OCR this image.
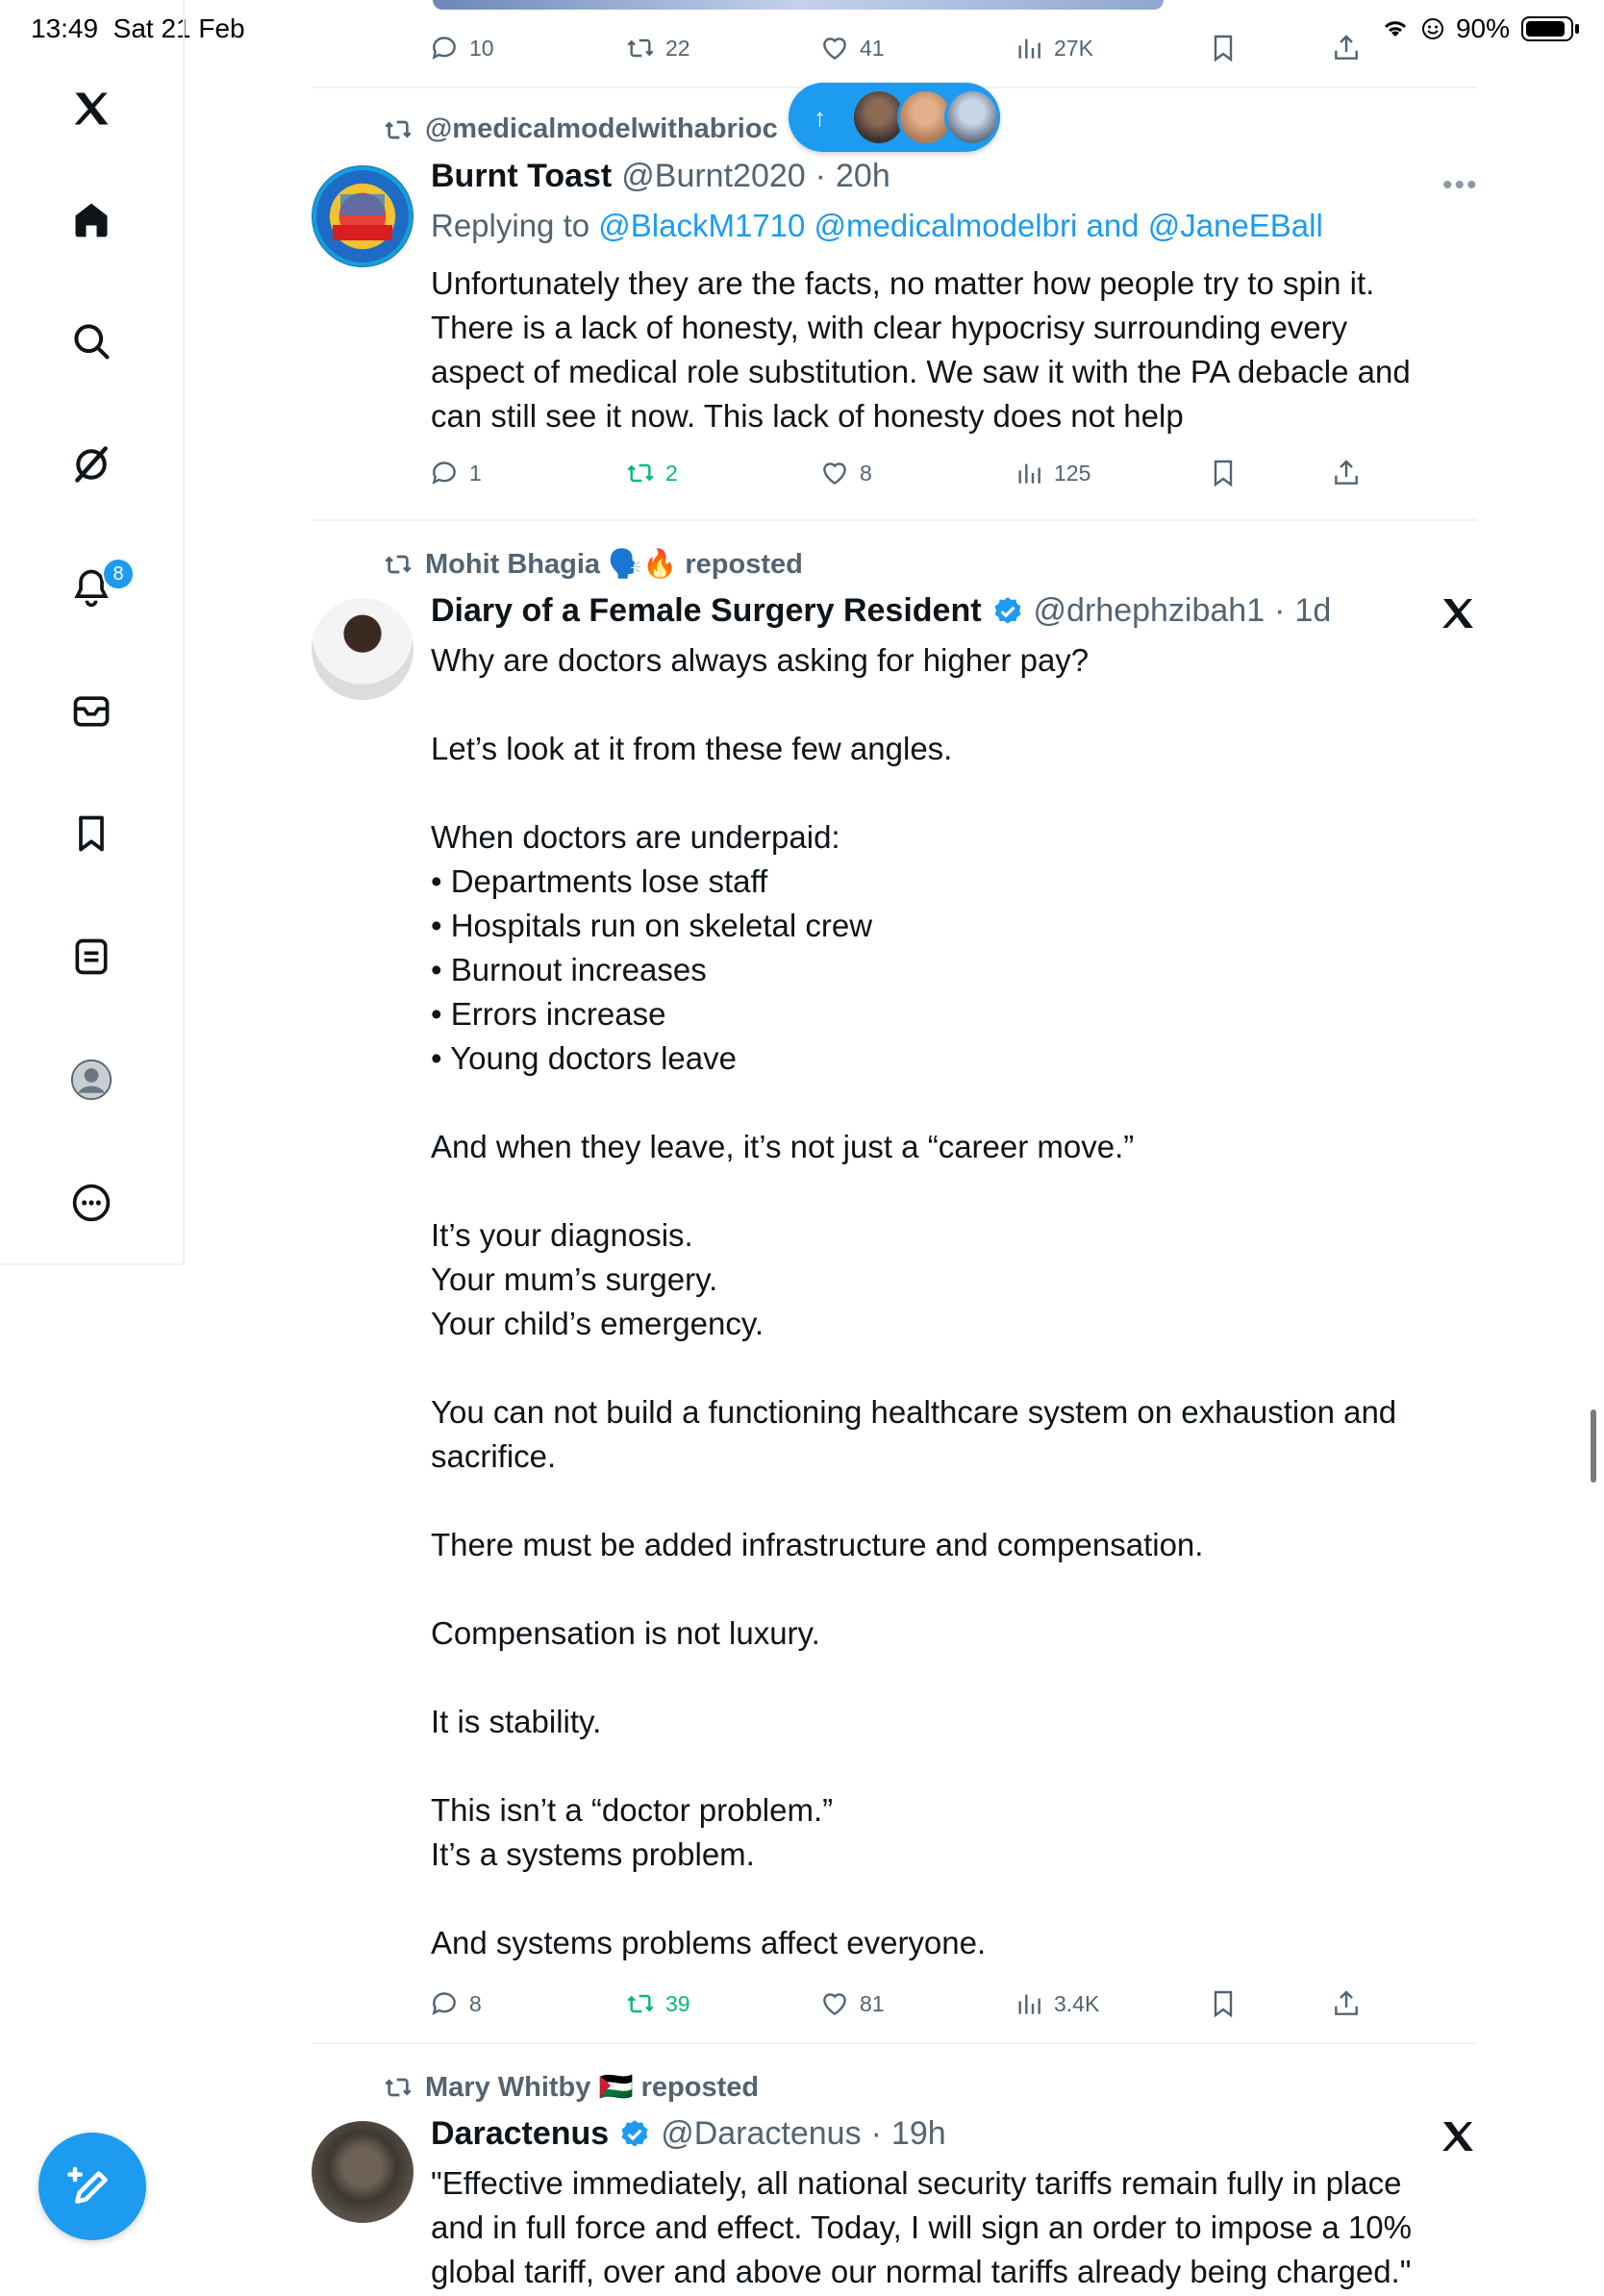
13:49 Sat 21 Feb	90%
8
10	22	41	27K
@medicalmodelwithabrioc ↑
Burnt Toast @Burnt2020 · 20h	•••
Replying to @BlackM1710 @medicalmodelbri and @JaneEBall
Unfortunately they are the facts, no matter how people try to spin it.
There is a lack of honesty, with clear hypocrisy surrounding every
aspect of medical role substitution. We saw it with the PA debacle and
can still see it now. This lack of honesty does not help
1	2	8	125
Mohit Bhagia 🗣️🔥 reposted
Diary of a Female Surgery Resident @drhephzibah1 · 1d
Why are doctors always asking for higher pay?

Let’s look at it from these few angles.

When doctors are underpaid:
• Departments lose staff
• Hospitals run on skeletal crew
• Burnout increases
• Errors increase
• Young doctors leave

And when they leave, it’s not just a “career move.”

It’s your diagnosis.
Your mum’s surgery.
Your child’s emergency.

You can not build a functioning healthcare system on exhaustion and
sacrifice.

There must be added infrastructure and compensation.

Compensation is not luxury.

It is stability.

This isn’t a “doctor problem.”
It’s a systems problem.

And systems problems affect everyone.
8	39	81	3.4K
Mary Whitby 🇵🇸 reposted
Daractenus @Daractenus · 19h
"Effective immediately, all national security tariffs remain fully in place
and in full force and effect. Today, I will sign an order to impose a 10%
global tariff, over and above our normal tariffs already being charged."
